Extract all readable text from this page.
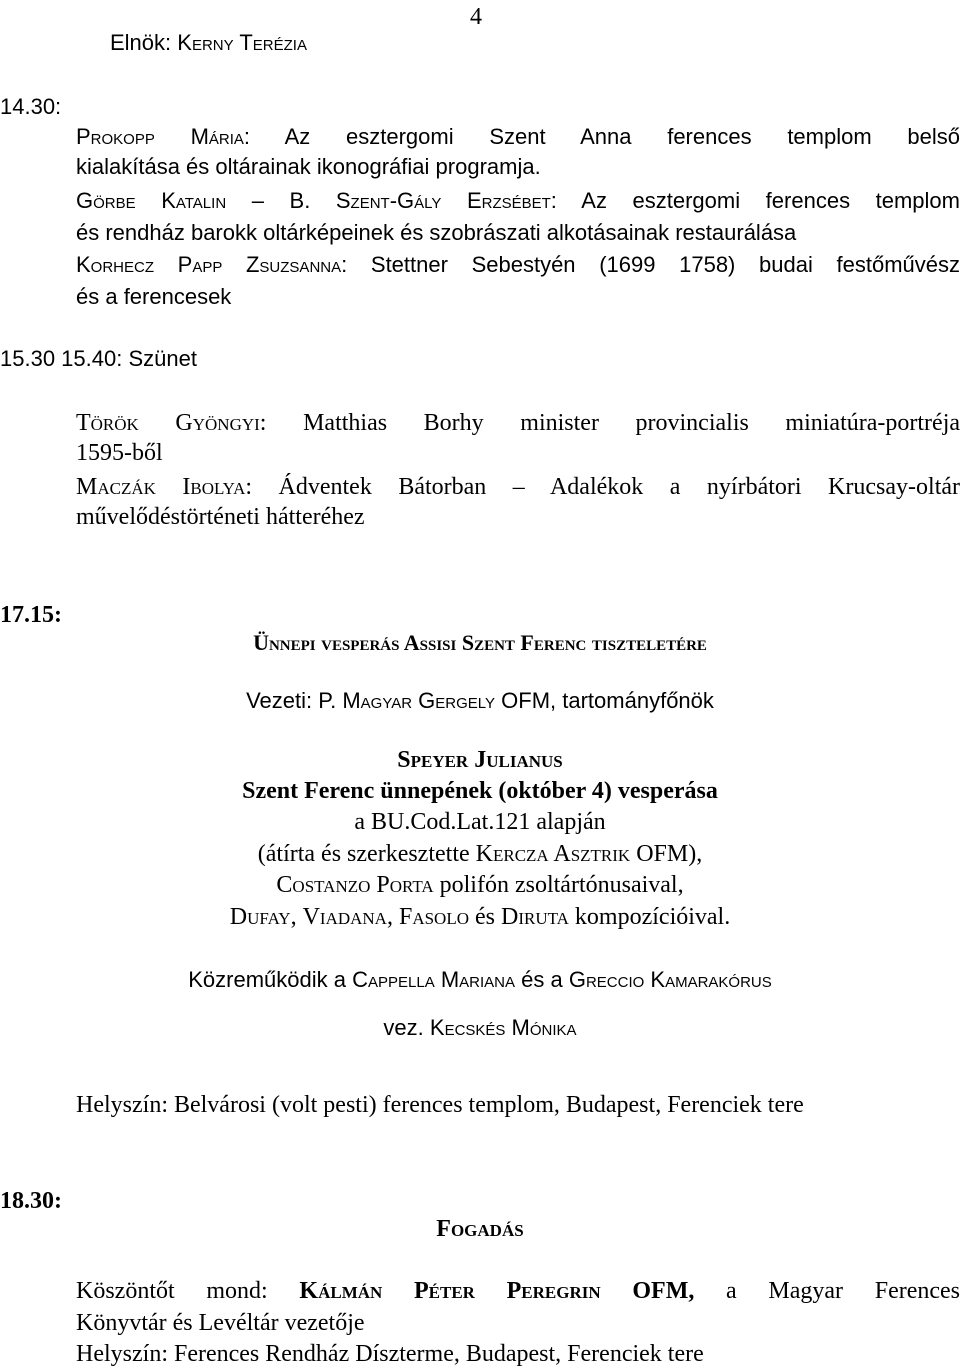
4
Elnök: Kerny Terézia
14.30:
Prokopp Mária: Az esztergomi Szent Anna ferences templom belső
kialakítása és oltárainak ikonográfiai programja.
Görbe Katalin – B. Szent-Gály Erzsébet: Az esztergomi ferences templom
és rendház barokk oltárképeinek és szobrászati alkotásainak restaurálása
Korhecz Papp Zsuzsanna: Stettner Sebestyén (1699 1758) budai festőművész
és a ferencesek
15.30 15.40: Szünet
Török Gyöngyi: Matthias Borhy minister provincialis miniatúra-portréja
1595-ből
Maczák Ibolya: Ádventek Bátorban – Adalékok a nyírbátori Krucsay-oltár
művelődéstörténeti hátteréhez
17.15:
Ünnepi vesperás Assisi Szent Ferenc tiszteletére
Vezeti: P. Magyar Gergely OFM, tartományfőnök
Speyer Julianus
Szent Ferenc ünnepének (október 4) vesperása
a BU.Cod.Lat.121 alapján
(átírta és szerkesztette Kercza Asztrik OFM),
Costanzo Porta polifón zsoltártónusaival,
Dufay, Viadana, Fasolo és Diruta kompozícióival.
Közreműködik a Cappella Mariana és a Greccio Kamarakórus
vez. Kecskés Mónika
Helyszín: Belvárosi (volt pesti) ferences templom, Budapest, Ferenciek tere
18.30:
Fogadás
Köszöntőt mond: Kálmán Péter Peregrin OFM, a Magyar Ferences
Könyvtár és Levéltár vezetője
Helyszín: Ferences Rendház Díszterme, Budapest, Ferenciek tere
